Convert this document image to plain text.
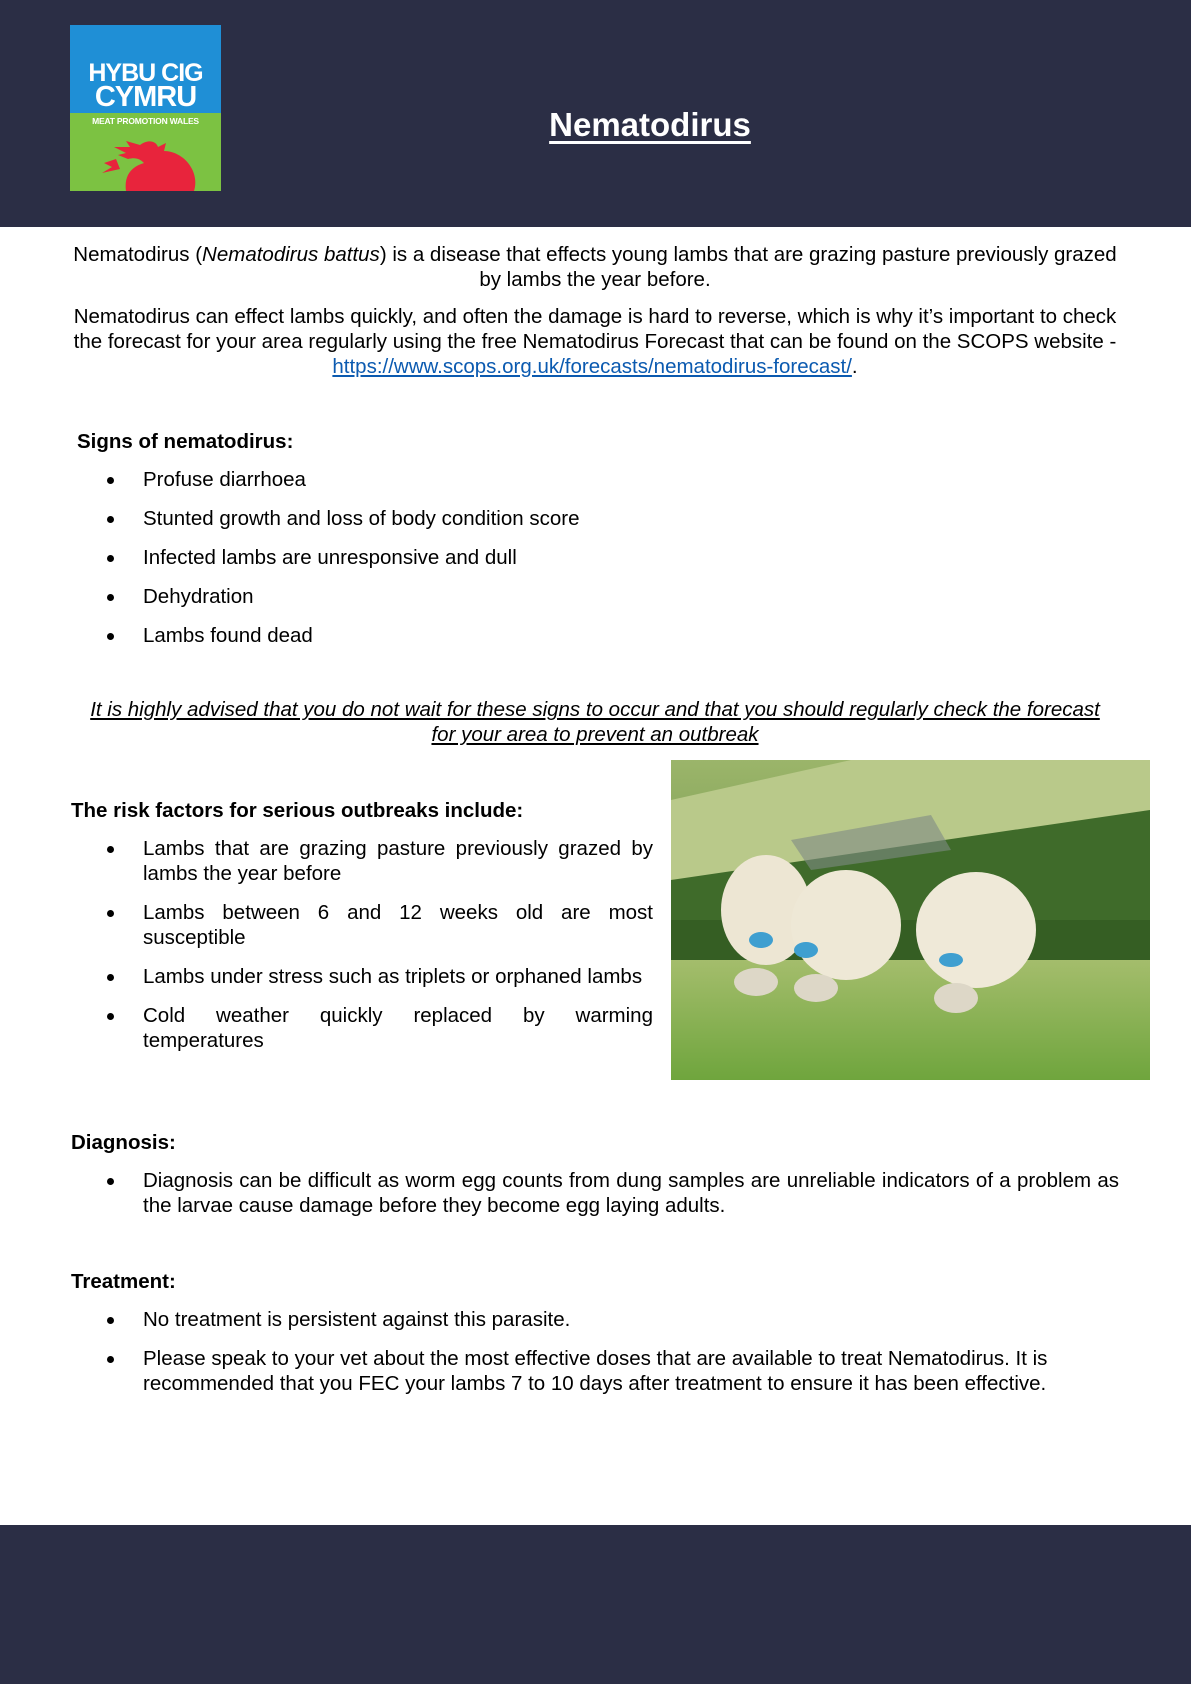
HYBU CIG
CYMRU
MEAT PROMOTION WALES	Nematodirus
Nematodirus (Nematodirus battus) is a disease that effects young lambs that are grazing pasture previously grazed by lambs the year before.
Nematodirus can effect lambs quickly, and often the damage is hard to reverse, which is why it’s important to check the forecast for your area regularly using the free Nematodirus Forecast that can be found on the SCOPS website - https://www.scops.org.uk/forecasts/nematodirus-forecast/.
Signs of nematodirus:
Profuse diarrhoea
Stunted growth and loss of body condition score
Infected lambs are unresponsive and dull
Dehydration
Lambs found dead
It is highly advised that you do not wait for these signs to occur and that you should regularly check the forecast for your area to prevent an outbreak
The risk factors for serious outbreaks include:
Lambs that are grazing pasture previously grazed by lambs the year before
Lambs between 6 and 12 weeks old are most susceptible
Lambs under stress such as triplets or orphaned lambs
Cold weather quickly replaced by warming temperatures
Diagnosis:
Diagnosis can be difficult as worm egg counts from dung samples are unreliable indicators of a problem as the larvae cause damage before they become egg laying adults.
Treatment:
No treatment is persistent against this parasite.
Please speak to your vet about the most effective doses that are available to treat Nematodirus. It is recommended that you FEC your lambs 7 to 10 days after treatment to ensure it has been effective.
